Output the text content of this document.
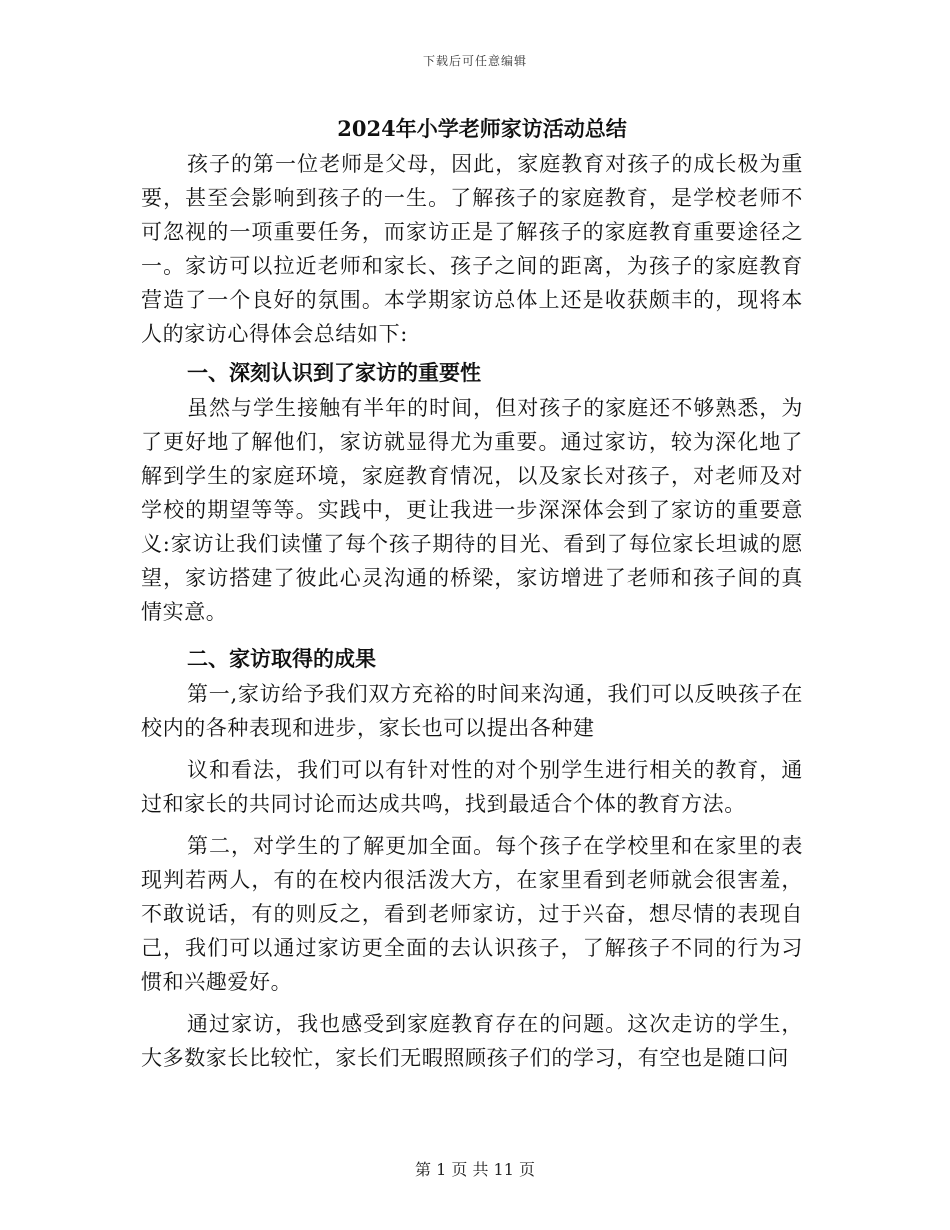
下载后可任意编辑
2024年小学老师家访活动总结

孩子的第一位老师是父母，因此，家庭教育对孩子的成长极为重要，甚至会影响到孩子的一生。了解孩子的家庭教育，是学校老师不可忽视的一项重要任务，而家访正是了解孩子的家庭教育重要途径之一。家访可以拉近老师和家长、孩子之间的距离，为孩子的家庭教育营造了一个良好的氛围。本学期家访总体上还是收获颇丰的，现将本人的家访心得体会总结如下:

一、深刻认识到了家访的重要性

虽然与学生接触有半年的时间，但对孩子的家庭还不够熟悉，为了更好地了解他们，家访就显得尤为重要。通过家访，较为深化地了解到学生的家庭环境，家庭教育情况，以及家长对孩子，对老师及对学校的期望等等。实践中，更让我进一步深深体会到了家访的重要意义:家访让我们读懂了每个孩子期待的目光、看到了每位家长坦诚的愿望，家访搭建了彼此心灵沟通的桥梁，家访增进了老师和孩子间的真情实意。

二、家访取得的成果

第一,家访给予我们双方充裕的时间来沟通，我们可以反映孩子在校内的各种表现和进步，家长也可以提出各种建

议和看法，我们可以有针对性的对个别学生进行相关的教育，通过和家长的共同讨论而达成共鸣，找到最适合个体的教育方法。

第二，对学生的了解更加全面。每个孩子在学校里和在家里的表现判若两人，有的在校内很活泼大方，在家里看到老师就会很害羞，不敢说话，有的则反之，看到老师家访，过于兴奋，想尽情的表现自己，我们可以通过家访更全面的去认识孩子，了解孩子不同的行为习惯和兴趣爱好。

通过家访，我也感受到家庭教育存在的问题。这次走访的学生，大多数家长比较忙，家长们无暇照顾孩子们的学习，有空也是随口问

第 1 页 共 11 页
